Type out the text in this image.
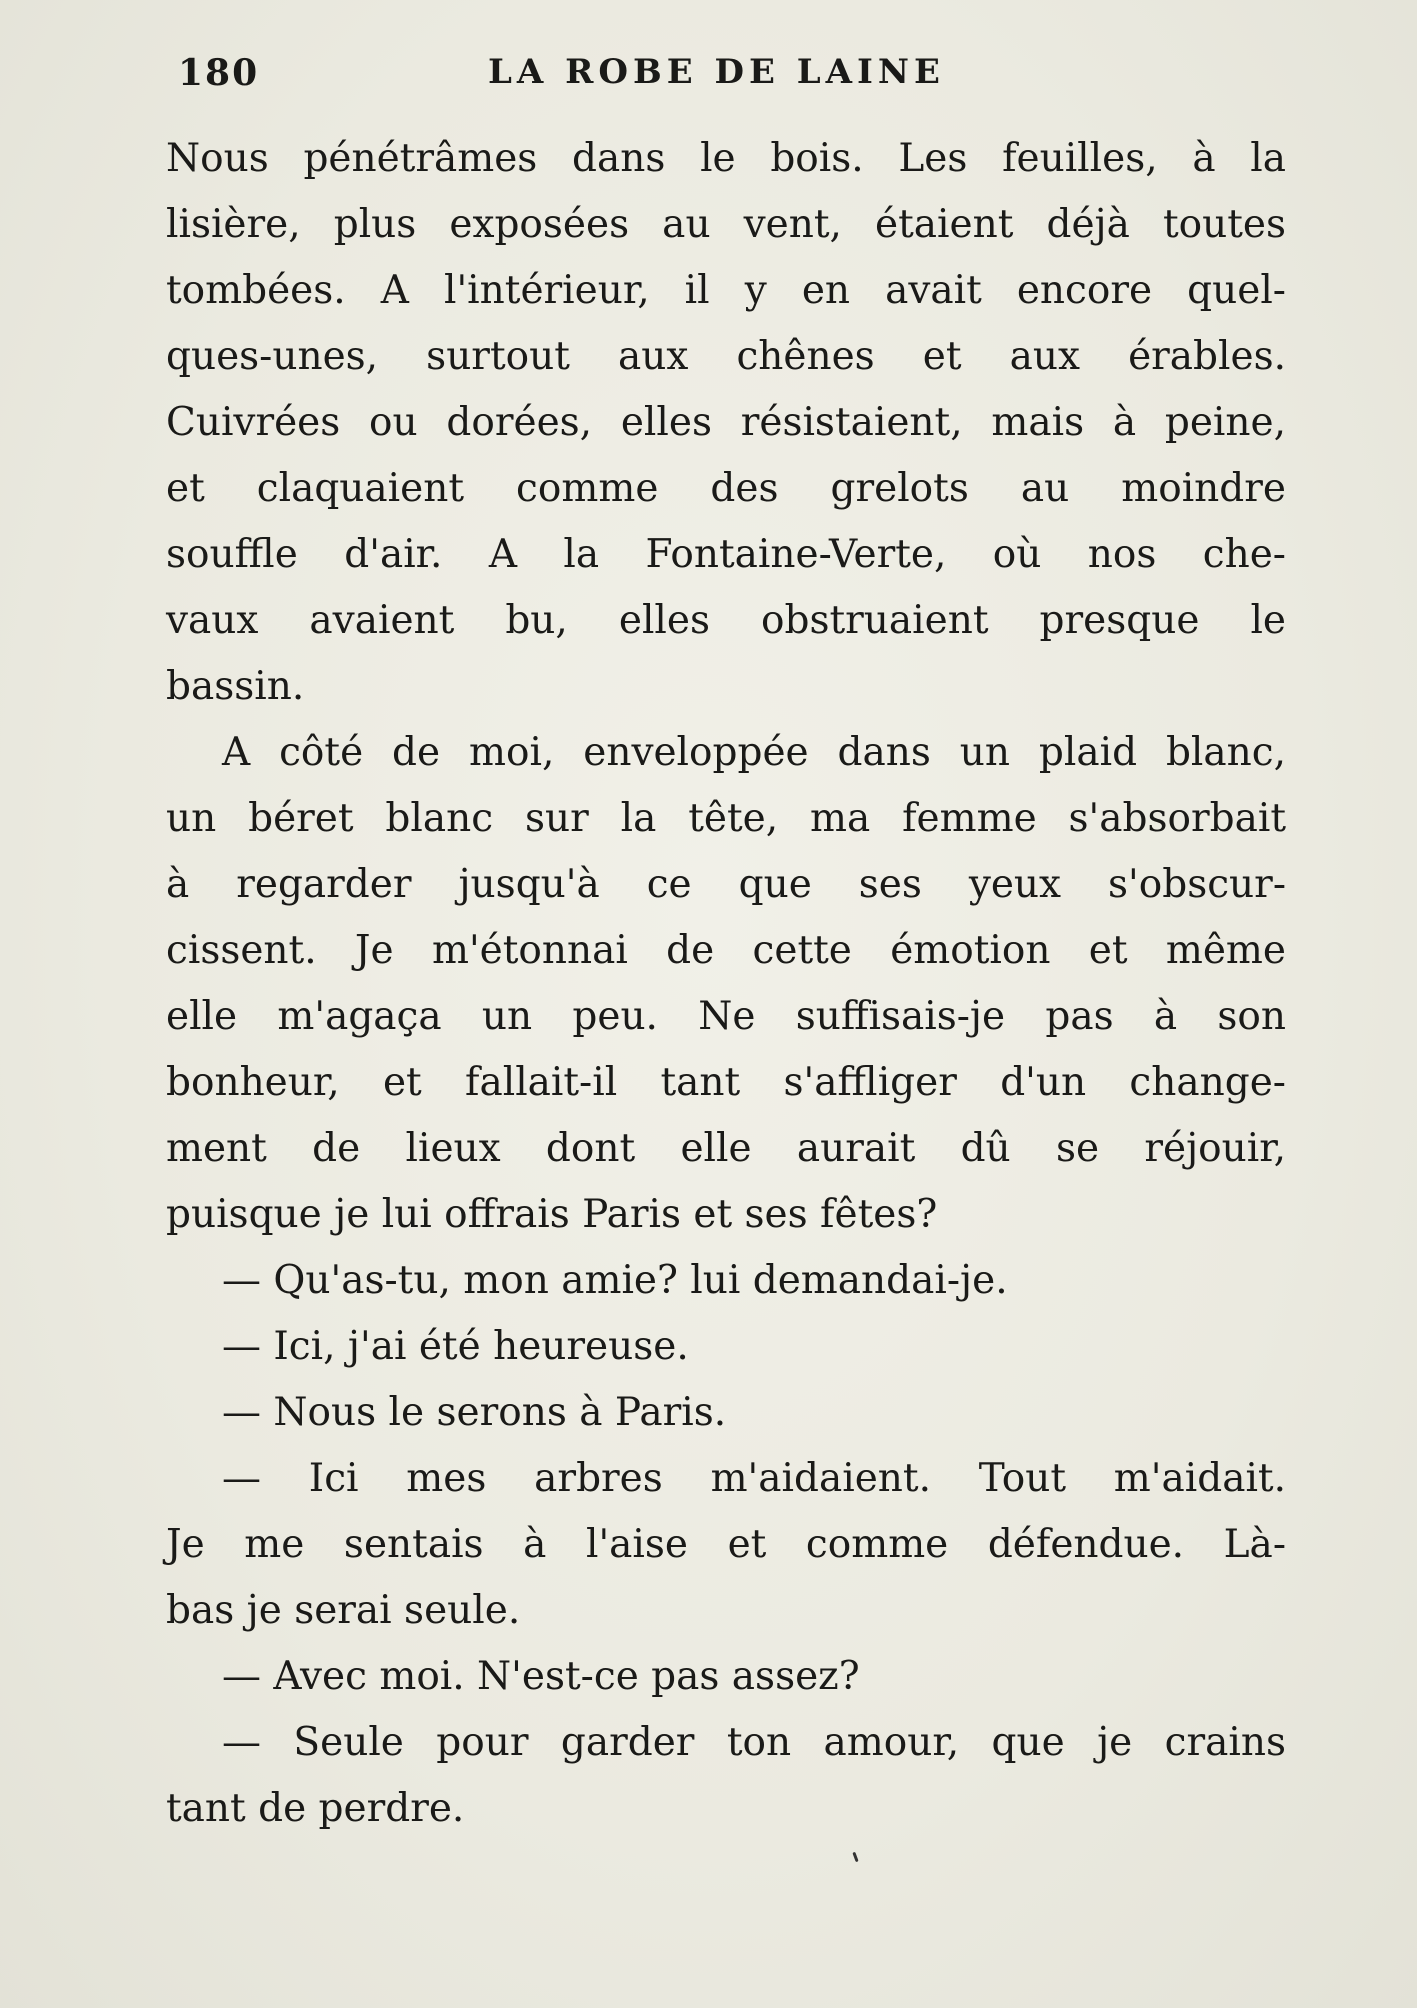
180	LA ROBE DE LAINE
Nous pénétrâmes dans le bois. Les feuilles, à la
lisière, plus exposées au vent, étaient déjà toutes
tombées. A l'intérieur, il y en avait encore quel-
ques-unes, surtout aux chênes et aux érables.
Cuivrées ou dorées, elles résistaient, mais à peine,
et claquaient comme des grelots au moindre
souffle d'air. A la Fontaine-Verte, où nos che-
vaux avaient bu, elles obstruaient presque le
bassin.
A côté de moi, enveloppée dans un plaid blanc,
un béret blanc sur la tête, ma femme s'absorbait
à regarder jusqu'à ce que ses yeux s'obscur-
cissent. Je m'étonnai de cette émotion et même
elle m'agaça un peu. Ne suffisais-je pas à son
bonheur, et fallait-il tant s'affliger d'un change-
ment de lieux dont elle aurait dû se réjouir,
puisque je lui offrais Paris et ses fêtes?
— Qu'as-tu, mon amie? lui demandai-je.
— Ici, j'ai été heureuse.
— Nous le serons à Paris.
— Ici mes arbres m'aidaient. Tout m'aidait.
Je me sentais à l'aise et comme défendue. Là-
bas je serai seule.
— Avec moi. N'est-ce pas assez?
— Seule pour garder ton amour, que je crains
tant de perdre.
